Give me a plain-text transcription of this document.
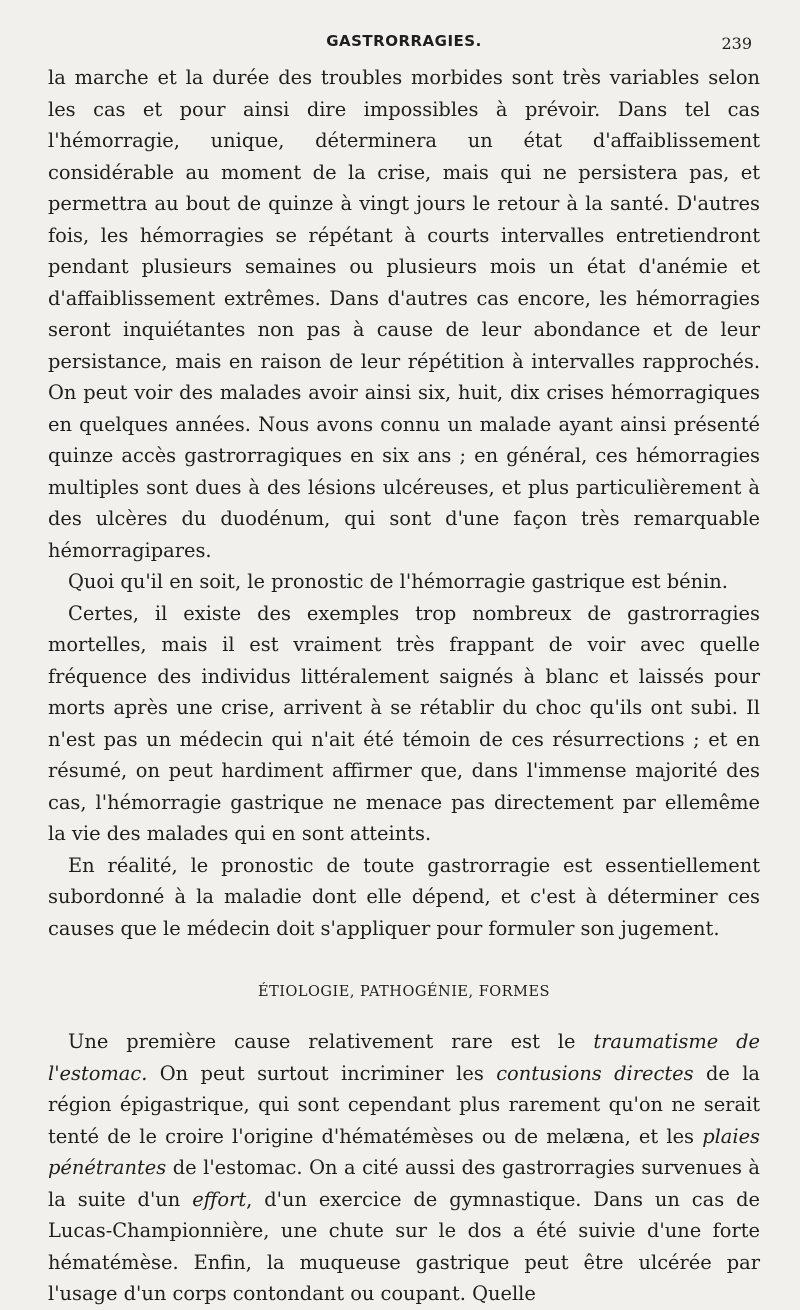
GASTRORRAGIES.	239

la marche et la durée des troubles morbides sont très variables selon les cas et pour ainsi dire impossibles à prévoir. Dans tel cas l'hémorragie, unique, déterminera un état d'affaiblissement considérable au moment de la crise, mais qui ne persistera pas, et permettra au bout de quinze à vingt jours le retour à la santé. D'autres fois, les hémorragies se répétant à courts intervalles entretiendront pendant plusieurs semaines ou plusieurs mois un état d'anémie et d'affaiblissement extrêmes. Dans d'autres cas encore, les hémorragies seront inquiétantes non pas à cause de leur abondance et de leur persistance, mais en raison de leur répétition à intervalles rapprochés. On peut voir des malades avoir ainsi six, huit, dix crises hémorragiques en quelques années. Nous avons connu un malade ayant ainsi présenté quinze accès gastrorragiques en six ans ; en général, ces hémorragies multiples sont dues à des lésions ulcéreuses, et plus particulièrement à des ulcères du duodénum, qui sont d'une façon très remarquable hémorragipares.

Quoi qu'il en soit, le pronostic de l'hémorragie gastrique est bénin.

Certes, il existe des exemples trop nombreux de gastrorragies mortelles, mais il est vraiment très frappant de voir avec quelle fréquence des individus littéralement saignés à blanc et laissés pour morts après une crise, arrivent à se rétablir du choc qu'ils ont subi. Il n'est pas un médecin qui n'ait été témoin de ces résurrections ; et en résumé, on peut hardiment affirmer que, dans l'immense majorité des cas, l'hémorragie gastrique ne menace pas directement par ellemême la vie des malades qui en sont atteints.

En réalité, le pronostic de toute gastrorragie est essentiellement subordonné à la maladie dont elle dépend, et c'est à déterminer ces causes que le médecin doit s'appliquer pour formuler son jugement.

ÉTIOLOGIE, PATHOGÉNIE, FORMES

Une première cause relativement rare est le traumatisme de l'estomac. On peut surtout incriminer les contusions directes de la région épigastrique, qui sont cependant plus rarement qu'on ne serait tenté de le croire l'origine d'hématémèses ou de melæna, et les plaies pénétrantes de l'estomac. On a cité aussi des gastrorragies survenues à la suite d'un effort, d'un exercice de gymnastique. Dans un cas de Lucas-Championnière, une chute sur le dos a été suivie d'une forte hématémèse. Enfin, la muqueuse gastrique peut être ulcérée par l'usage d'un corps contondant ou coupant. Quelle
